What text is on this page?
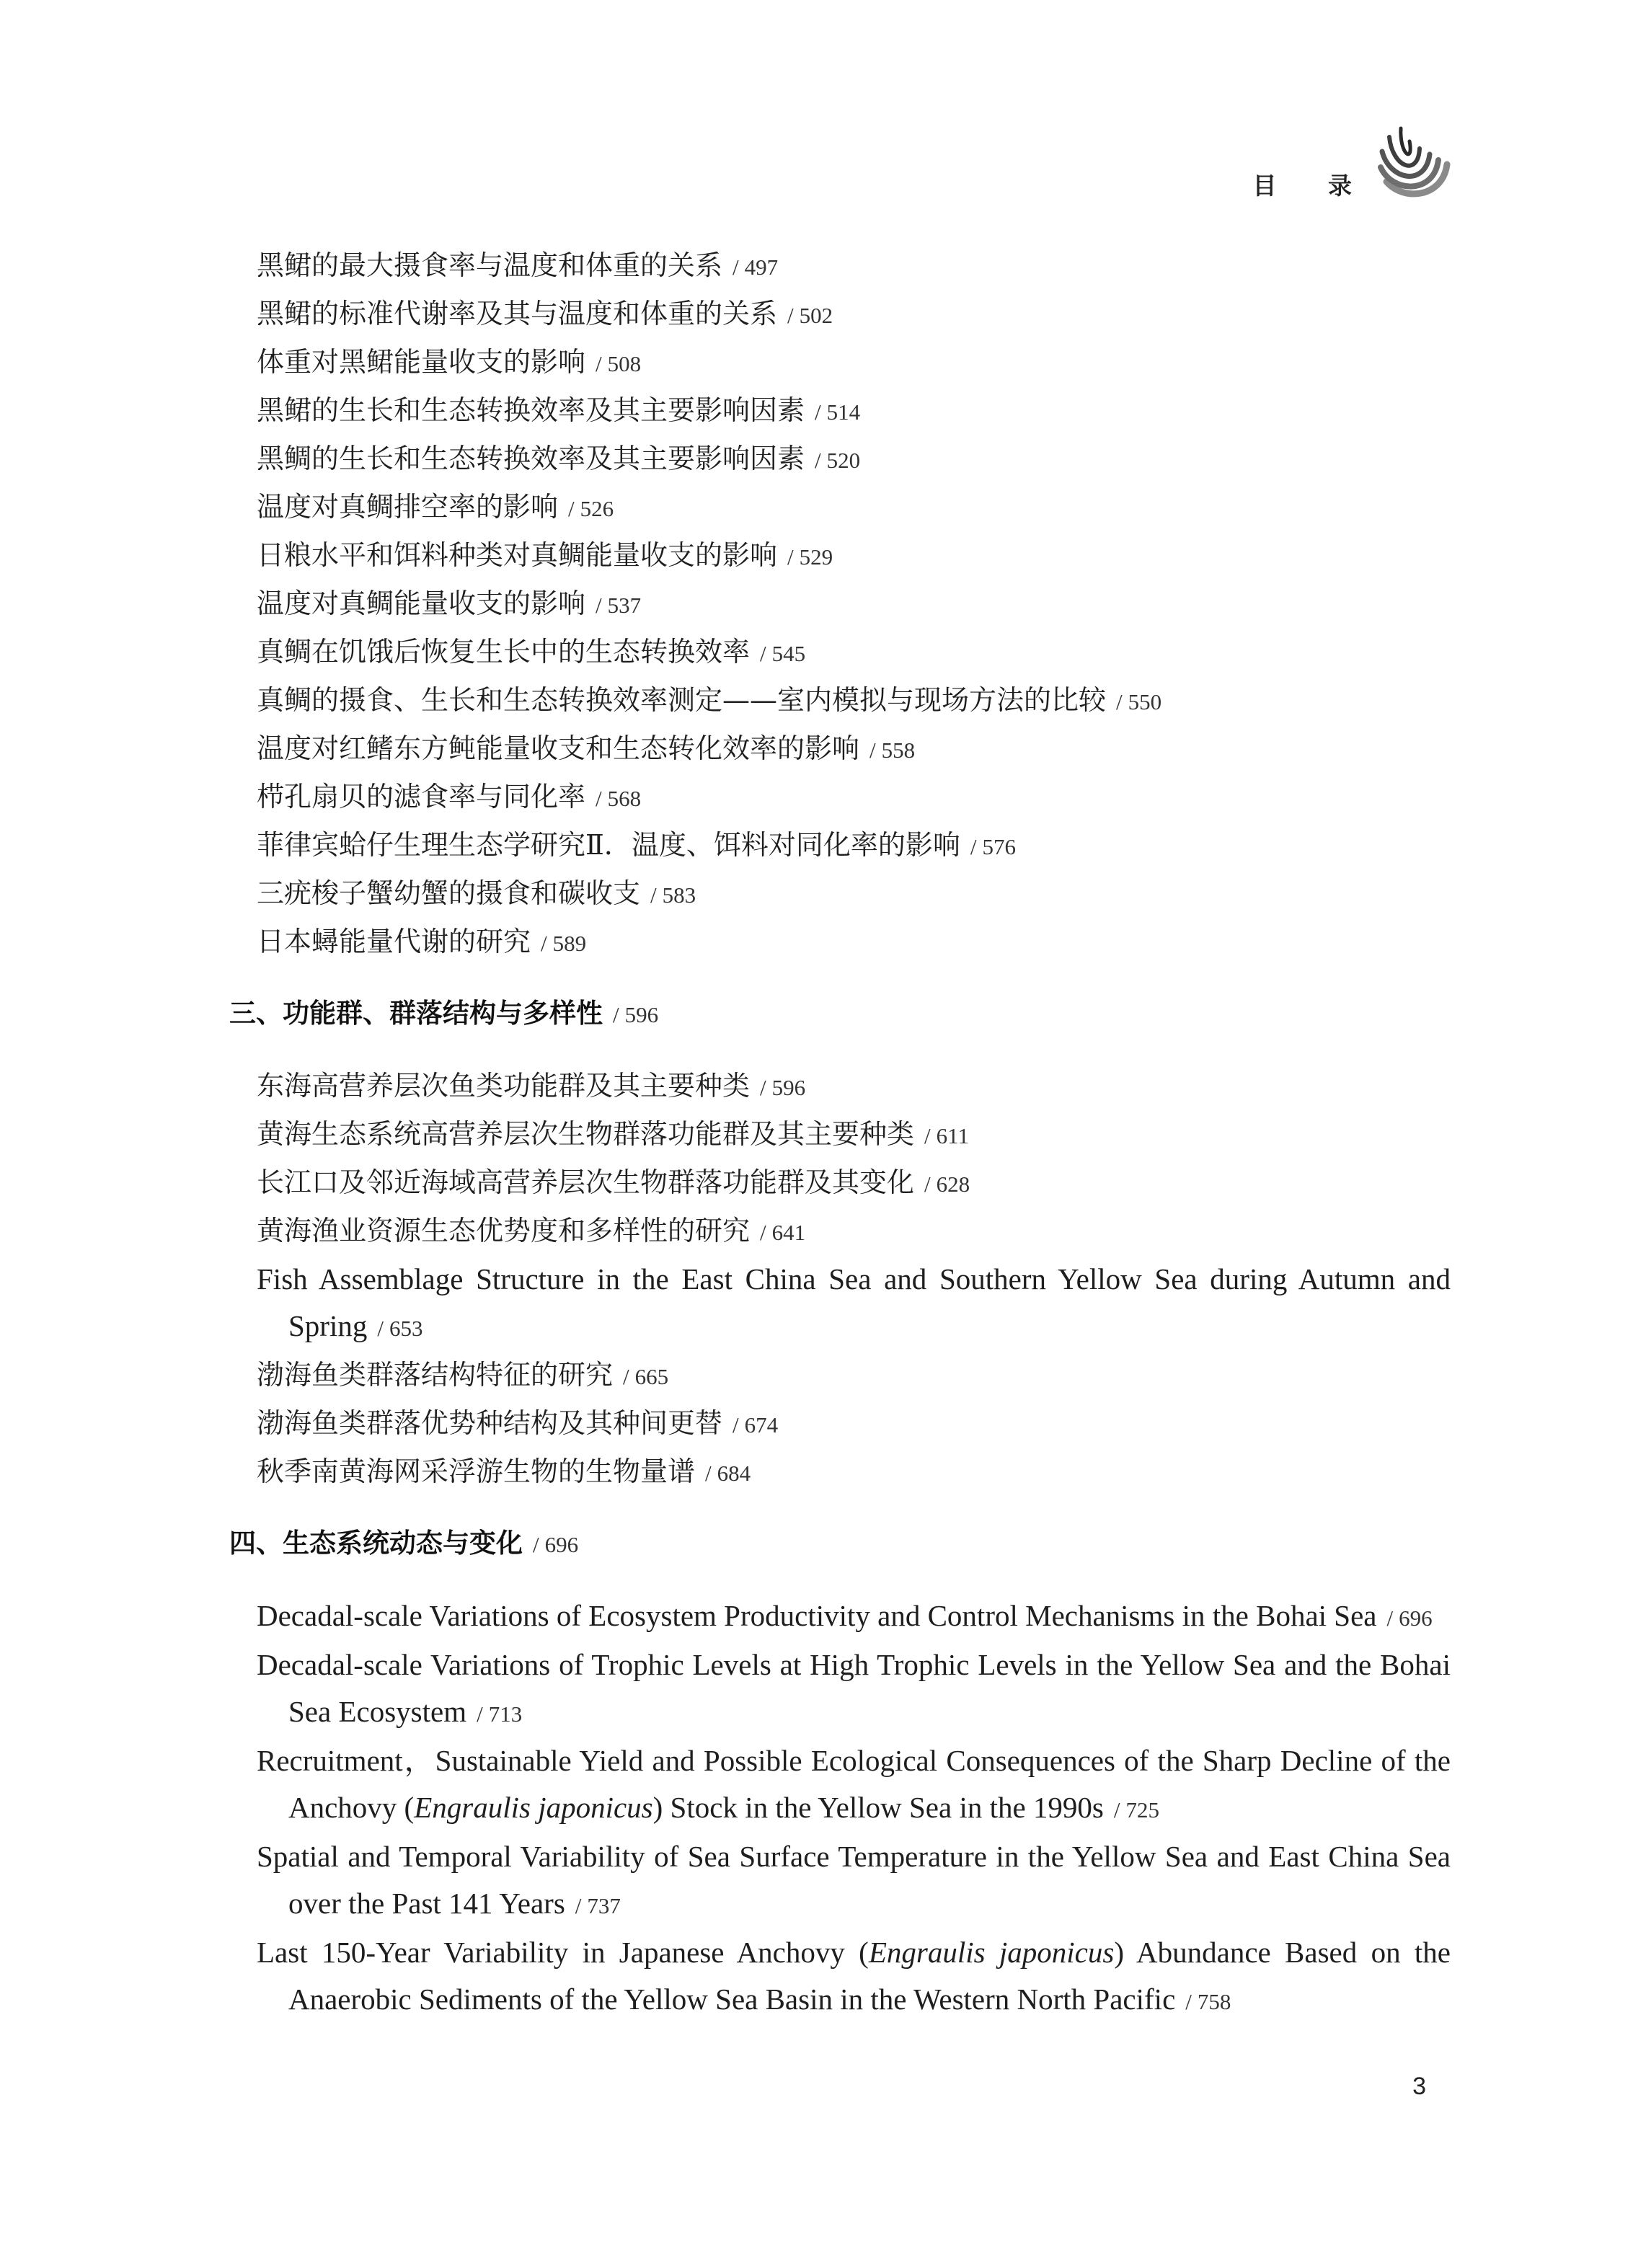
目 录
黑鲪的最大摄食率与温度和体重的关系 / 497
黑鲪的标准代谢率及其与温度和体重的关系 / 502
体重对黑鲪能量收支的影响 / 508
黑鲪的生长和生态转换效率及其主要影响因素 / 514
黑鲷的生长和生态转换效率及其主要影响因素 / 520
温度对真鲷排空率的影响 / 526
日粮水平和饵料种类对真鲷能量收支的影响 / 529
温度对真鲷能量收支的影响 / 537
真鲷在饥饿后恢复生长中的生态转换效率 / 545
真鲷的摄食、生长和生态转换效率测定——室内模拟与现场方法的比较 / 550
温度对红鳍东方鲀能量收支和生态转化效率的影响 / 558
栉孔扇贝的滤食率与同化率 / 568
菲律宾蛤仔生理生态学研究Ⅱ．温度、饵料对同化率的影响 / 576
三疣梭子蟹幼蟹的摄食和碳收支 / 583
日本蟳能量代谢的研究 / 589
三、功能群、群落结构与多样性 / 596
东海高营养层次鱼类功能群及其主要种类 / 596
黄海生态系统高营养层次生物群落功能群及其主要种类 / 611
长江口及邻近海域高营养层次生物群落功能群及其变化 / 628
黄海渔业资源生态优势度和多样性的研究 / 641
Fish Assemblage Structure in the East China Sea and Southern Yellow Sea during Autumn and Spring / 653
渤海鱼类群落结构特征的研究 / 665
渤海鱼类群落优势种结构及其种间更替 / 674
秋季南黄海网采浮游生物的生物量谱 / 684
四、生态系统动态与变化 / 696
Decadal-scale Variations of Ecosystem Productivity and Control Mechanisms in the Bohai Sea / 696
Decadal-scale Variations of Trophic Levels at High Trophic Levels in the Yellow Sea and the Bohai Sea Ecosystem / 713
Recruitment，Sustainable Yield and Possible Ecological Consequences of the Sharp Decline of the Anchovy (Engraulis japonicus) Stock in the Yellow Sea in the 1990s / 725
Spatial and Temporal Variability of Sea Surface Temperature in the Yellow Sea and East China Sea over the Past 141 Years / 737
Last 150-Year Variability in Japanese Anchovy (Engraulis japonicus) Abundance Based on the Anaerobic Sediments of the Yellow Sea Basin in the Western North Pacific / 758
3
